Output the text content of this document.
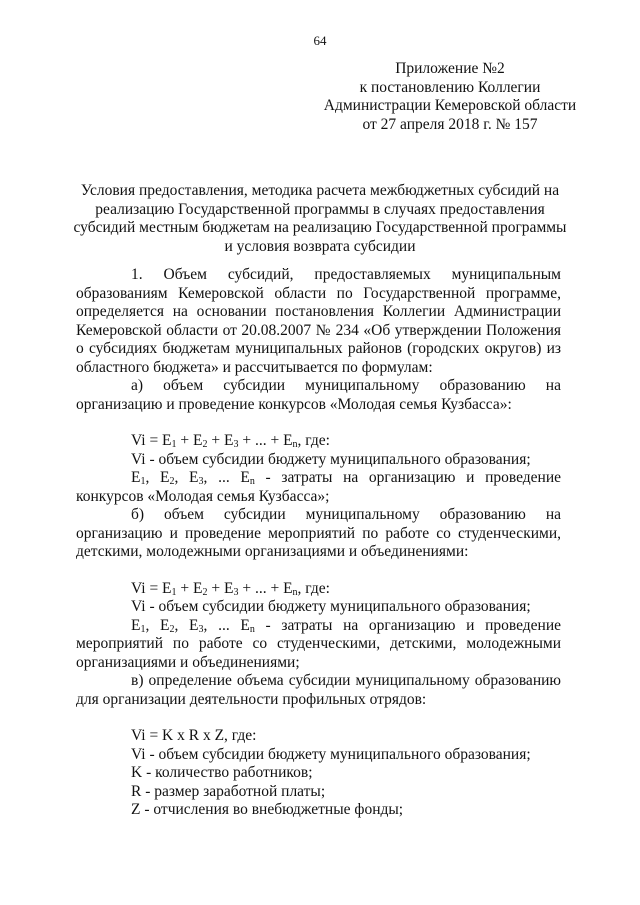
64
Приложение №2
к постановлению Коллегии
Администрации Кемеровской области
от 27 апреля 2018 г. № 157
Условия предоставления, методика расчета межбюджетных субсидий на
реализацию Государственной программы в случаях предоставления
субсидий местным бюджетам на реализацию Государственной программы
и условия возврата субсидии

1. Объем субсидий, предоставляемых муниципальным

образованиям Кемеровской области по Государственной программе, определяется на основании постановления Коллегии Администрации Кемеровской области от 20.08.2007 № 234 «Об утверждении Положения о субсидиях бюджетам муниципальных районов (городских округов) из областного бюджета» и рассчитывается по формулам:

а) объем субсидии муниципальному образованию на организацию и проведение конкурсов «Молодая семья Кузбасса»:

$Vi = E_1 + E_2 + E_3$ + ... + $E_n$, где:

Vi - объем субсидии бюджету муниципального образования;

$E_1$, $E_2$, $E_3$, ... $E_n$ - затраты на организацию и проведение конкурсов «Молодая семья Кузбасса»;

б) объем субсидии муниципальному образованию на организацию и проведение мероприятий по работе со студенческими, детскими, молодежными организациями и объединениями:

$Vi = E_1 + E_2 + E_3$ + ... + $E_n$, где:

Vi - объем субсидии бюджету муниципального образования;

$E_1$, $E_2$, $E_3$, ... $E_n$ - затраты на организацию и проведение мероприятий по работе со студенческими, детскими, молодежными организациями и объединениями;

в) определение объема субсидии муниципальному образованию для организации деятельности профильных отрядов:

Vi = K x R x Z, где:

Vi - объем субсидии бюджету муниципального образования;

K - количество работников;

R - размер заработной платы;

Z - отчисления во внебюджетные фонды;
